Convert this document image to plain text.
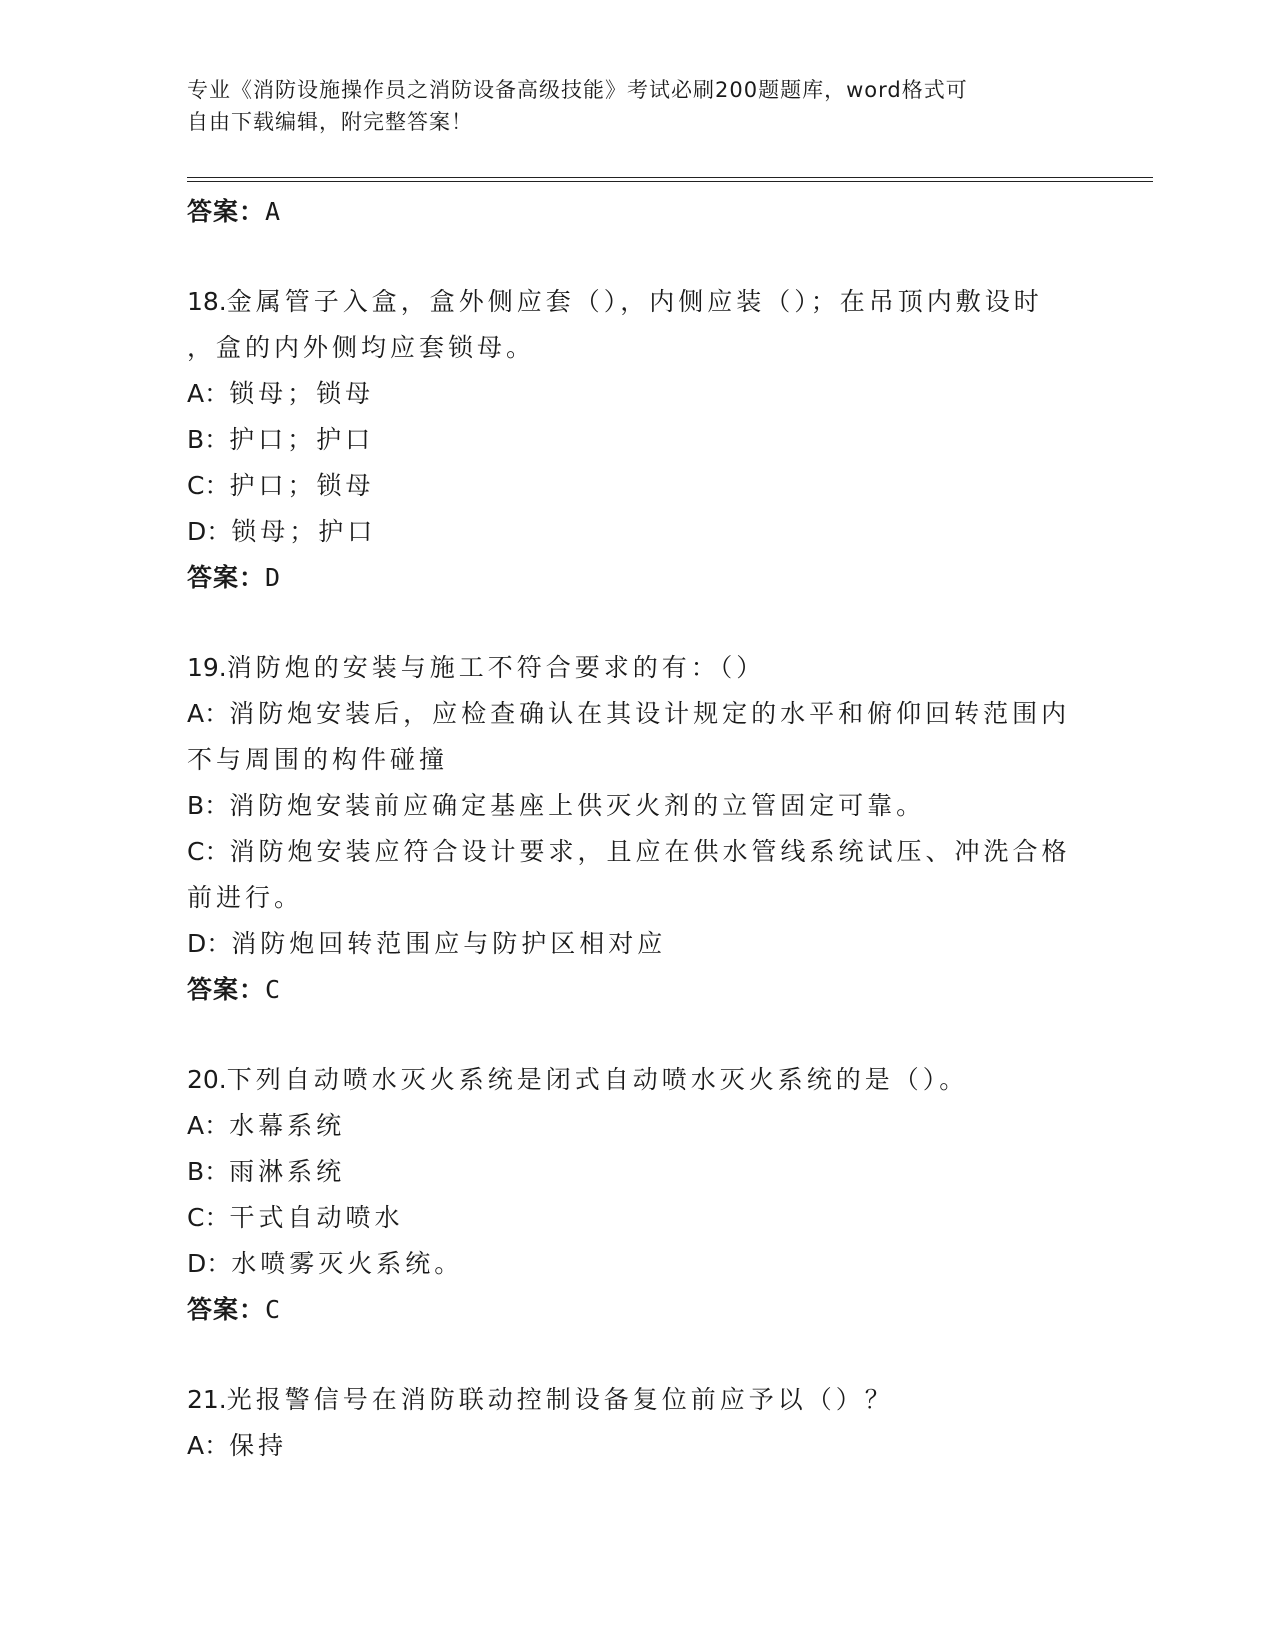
专业《消防设施操作员之消防设备高级技能》考试必刷200题题库，word格式可
自由下载编辑，附完整答案！
答案：A
18.金属管子入盒，盒外侧应套（），内侧应装（）；在吊顶内敷设时
，盒的内外侧均应套锁母。
A：锁母；锁母
B：护口；护口
C：护口；锁母
D：锁母；护口
答案：D
19.消防炮的安装与施工不符合要求的有：（）
A：消防炮安装后，应检查确认在其设计规定的水平和俯仰回转范围内
不与周围的构件碰撞
B：消防炮安装前应确定基座上供灭火剂的立管固定可靠。
C：消防炮安装应符合设计要求，且应在供水管线系统试压、冲洗合格
前进行。
D：消防炮回转范围应与防护区相对应
答案：C
20.下列自动喷水灭火系统是闭式自动喷水灭火系统的是（）。
A：水幕系统
B：雨淋系统
C：干式自动喷水
D：水喷雾灭火系统。
答案：C
21.光报警信号在消防联动控制设备复位前应予以（）？
A：保持
